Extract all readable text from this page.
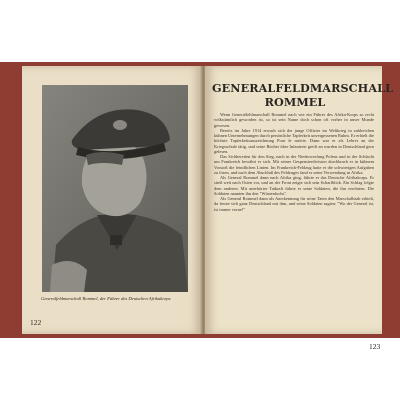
Generalfeldmarschall Rommel, der Führer des Deutschen Afrikakorps
122
GENERALFELDMARSCHALL
ROMMEL

Wenn Generalfeldmarschall Rommel nach wie ein Führer des Afrika-Korps so recht volkstümlich geworden ist, so ist sein Name doch schon oft vorher in unser Munde gewesen.

Bereits im Jahre 1914 erwarb sich der junge Offizier im Weltkrieg in zahlreichen kühnen Unternehmungen durch persönliche Tapferkeit unvergessenen Ruhm. Er erhielt die höchste Tapferkeitsauszeichnung Pour le mérite. Dann war er als Lehrer an der Kriegsschule tätig, und seine Bücher über Infanterie greift an wurden in Deutschland gern gelesen.

Das Sichbereiten für den Sieg, nach in der Niederwerfung Polens und in der Schlacht um Frankreich bewährt er sich. Mit seiner Gespensterdivision durchbrach er in kühnem Vorstoß die feindlichen Linien. Im Frankreich-Feldzug hatte er die schwierigen Aufgaben zu lösen, und nach dem Abschluß des Feldzuges fand er seine Verwendung in Afrika.

Als General Rommel dann nach Afrika ging, führte er das Deutsche Afrikakorps. Er stieß weit nach Osten vor, und an der Front zeigte sich sein Scharfblick. Ein Schlag folgte dem anderen. Mit unerhörter Tatkraft führte er seine Soldaten, die ihn verehrten. Die Soldaten nannten ihn den "Wüstenfuchs".

Als General Rommel dann als Anerkennung für seine Taten den Marschallstab erhielt, da freute sich ganz Deutschland mit ihm, und seine Soldaten sagten: "Wo der General ist, ist immer vorne!"

123
